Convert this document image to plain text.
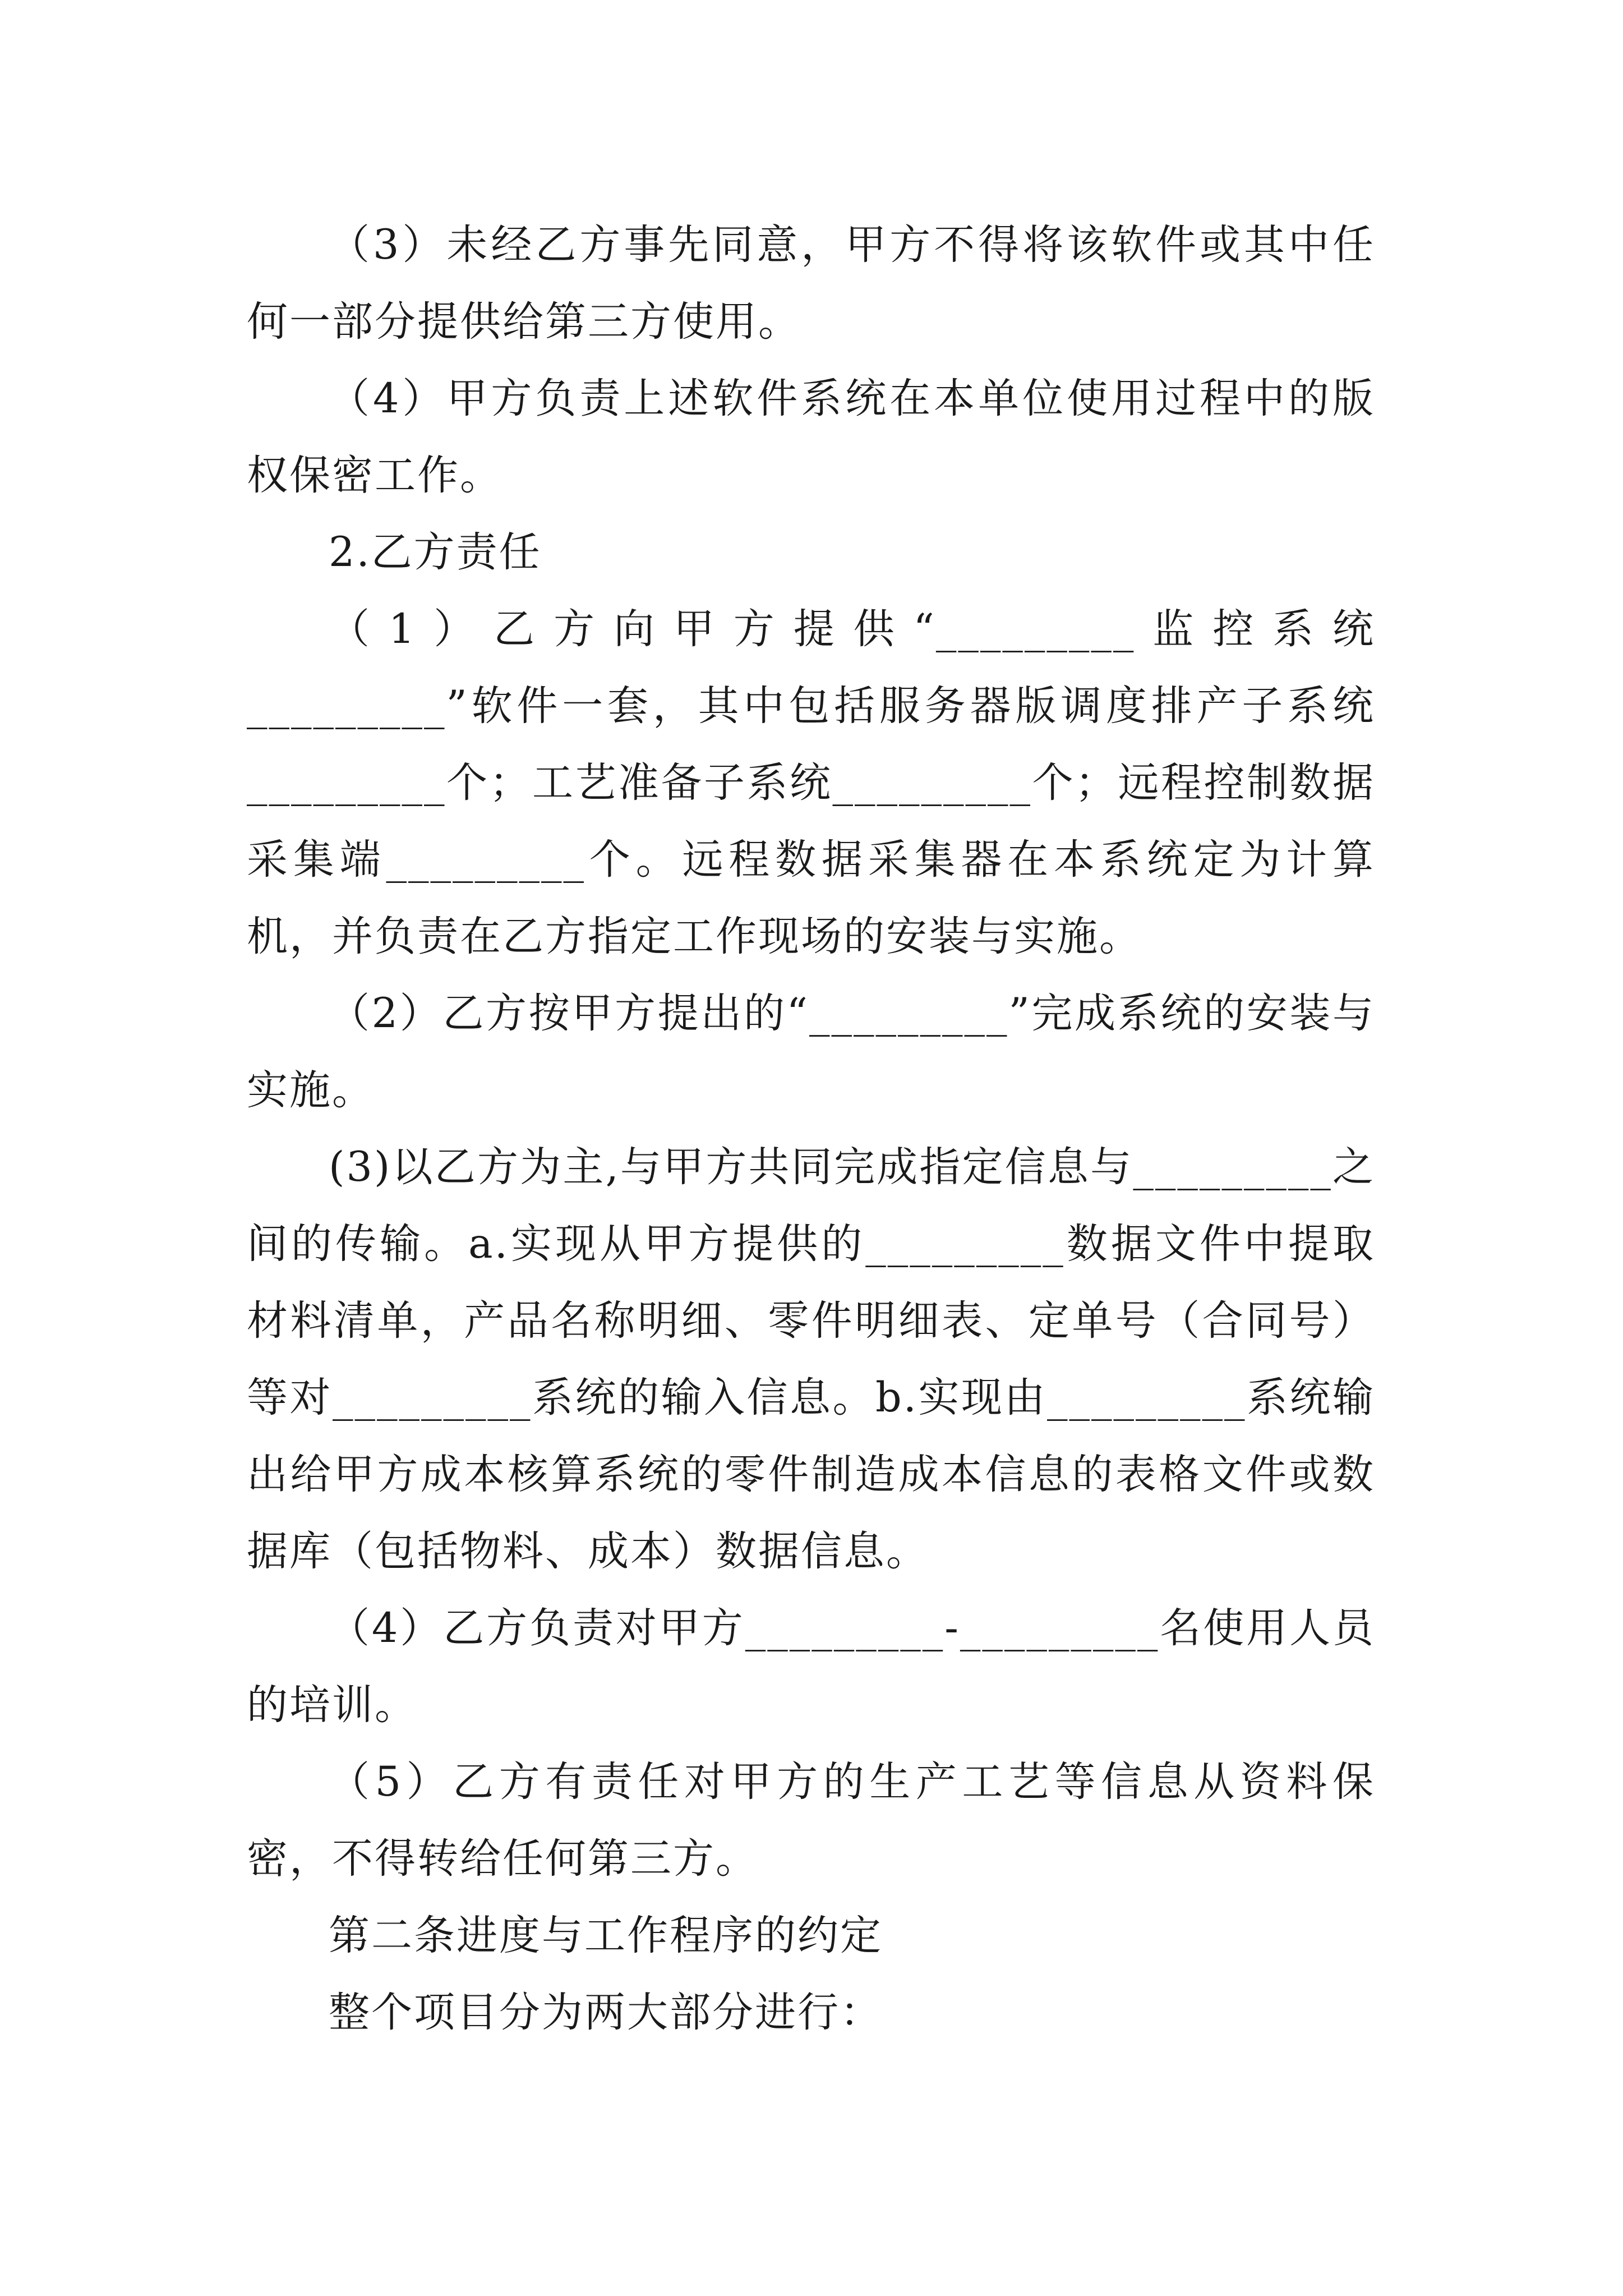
（3）未经乙方事先同意，甲方不得将该软件或其中任何一部分提供给第三方使用。

（4）甲方负责上述软件系统在本单位使用过程中的版权保密工作。

2.乙方责任

（1）乙方向甲方提供“_________监控系统_________”软件一套，其中包括服务器版调度排产子系统_________个；工艺准备子系统_________个；远程控制数据采集端_________个。远程数据采集器在本系统定为计算机，并负责在乙方指定工作现场的安装与实施。

（2）乙方按甲方提出的“_________”完成系统的安装与实施。

(3)以乙方为主,与甲方共同完成指定信息与_________之间的传输。a.实现从甲方提供的_________数据文件中提取材料清单，产品名称明细、零件明细表、定单号（合同号）等对_________系统的输入信息。b.实现由_________系统输出给甲方成本核算系统的零件制造成本信息的表格文件或数据库（包括物料、成本）数据信息。

（4）乙方负责对甲方_________-_________名使用人员的培训。

（5）乙方有责任对甲方的生产工艺等信息从资料保密，不得转给任何第三方。

第二条进度与工作程序的约定

整个项目分为两大部分进行：
